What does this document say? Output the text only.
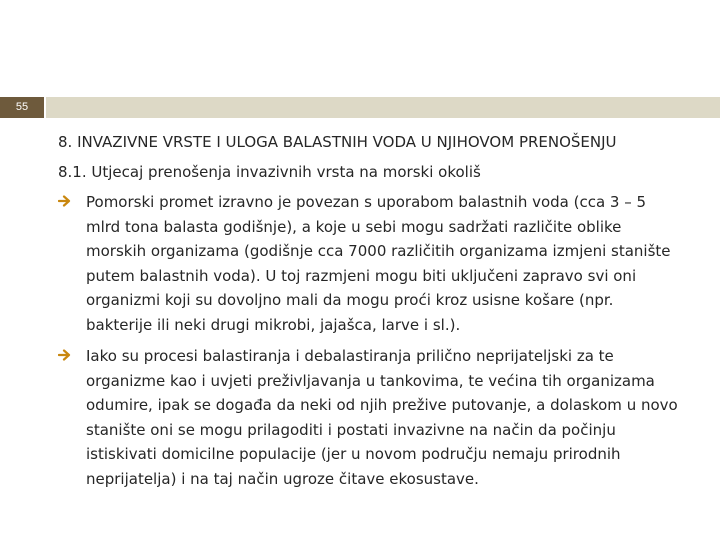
55
8. INVAZIVNE VRSTE I ULOGA BALASTNIH VODA U NJIHOVOM PRENOŠENJU
8.1. Utjecaj prenošenja invazivnih vrsta na morski okoliš
Pomorski promet izravno je povezan s uporabom balastnih voda (cca 3 – 5 mlrd tona balasta godišnje), a koje u sebi mogu sadržati različite oblike morskih organizama (godišnje cca 7000 različitih organizama izmjeni stanište putem balastnih voda). U toj razmjeni mogu biti uključeni zapravo svi oni organizmi koji su dovoljno mali da mogu proći kroz usisne košare (npr. bakterije ili neki drugi mikrobi, jajašca, larve i sl.).
Iako su procesi balastiranja i debalastiranja prilično neprijateljski za te organizme kao i uvjeti preživljavanja u tankovima, te većina tih organizama odumire, ipak se događa da neki od njih prežive putovanje, a dolaskom u novo stanište oni se mogu prilagoditi i postati invazivne na način da počinju istiskivati domicilne populacije (jer u novom području nemaju prirodnih neprijatelja) i na taj način ugroze čitave ekosustave.
